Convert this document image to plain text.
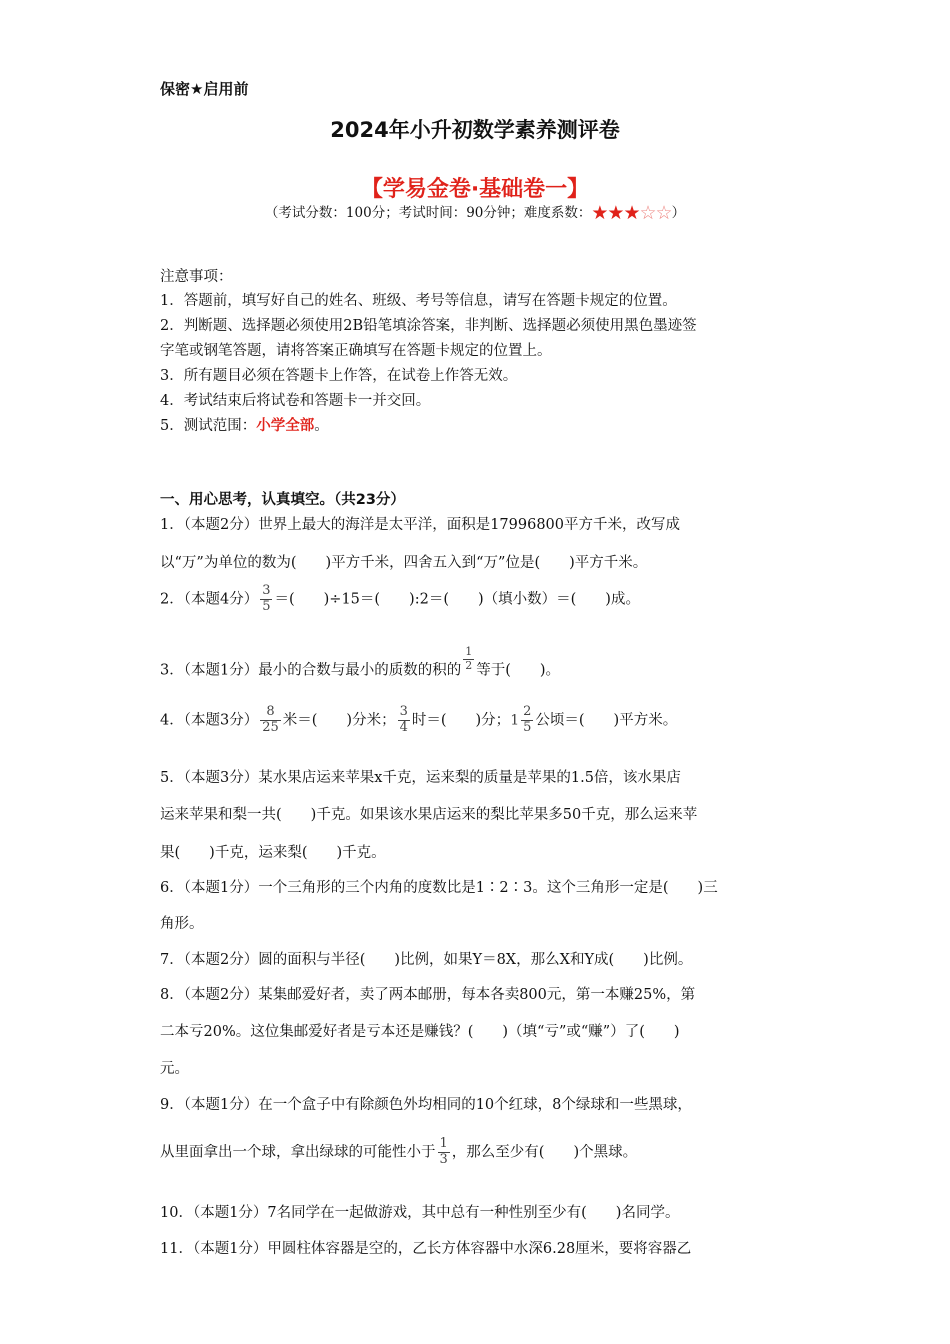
保密★启用前
2024年小升初数学素养测评卷
【学易金卷·基础卷一】
（考试分数：100分；考试时间：90分钟；难度系数：★★★☆☆）
注意事项：
1．答题前，填写好自己的姓名、班级、考号等信息，请写在答题卡规定的位置。
2．判断题、选择题必须使用2B铅笔填涂答案，非判断、选择题必须使用黑色墨迹签
字笔或钢笔答题，请将答案正确填写在答题卡规定的位置上。
3．所有题目必须在答题卡上作答，在试卷上作答无效。
4．考试结束后将试卷和答题卡一并交回。
5．测试范围：小学全部。
一、用心思考，认真填空。（共23分）
1．（本题2分）世界上最大的海洋是太平洋，面积是17996800平方千米，改写成
以“万”为单位的数为(　　)平方千米，四舍五入到“万”位是(　　)平方千米。
2．（本题4分） $\frac{3}{5}$ ＝(　　)÷15＝(　　):2＝(　　)（填小数）＝(　　)成。
3．（本题1分）最小的合数与最小的质数的积的 $\frac{1}{2}$ 等于(　　)。
4．（本题3分） $\frac{8}{25}$ 米＝(　　)分米； $\frac{3}{4}$ 时＝(　　)分；$1 \frac{2}{5}$ 公顷＝(　　)平方米。
5．（本题3分）某水果店运来苹果x千克，运来梨的质量是苹果的1.5倍，该水果店
运来苹果和梨一共(　　)千克。如果该水果店运来的梨比苹果多50千克，那么运来苹
果(　　)千克，运来梨(　　)千克。
6．（本题1分）一个三角形的三个内角的度数比是1∶2∶3。这个三角形一定是(　　)三
角形。
7．（本题2分）圆的面积与半径(　　)比例，如果Y＝8X，那么X和Y成(　　)比例。
8．（本题2分）某集邮爱好者，卖了两本邮册，每本各卖800元，第一本赚25%，第
二本亏20%。这位集邮爱好者是亏本还是赚钱？(　　)（填“亏”或“赚”）了(　　)
元。
9．（本题1分）在一个盒子中有除颜色外均相同的10个红球，8个绿球和一些黑球，
从里面拿出一个球，拿出绿球的可能性小于 $\frac{1}{3}$ ，那么至少有(　　)个黑球。
10．（本题1分）7名同学在一起做游戏，其中总有一种性别至少有(　　)名同学。
11．（本题1分）甲圆柱体容器是空的，乙长方体容器中水深6.28厘米，要将容器乙
